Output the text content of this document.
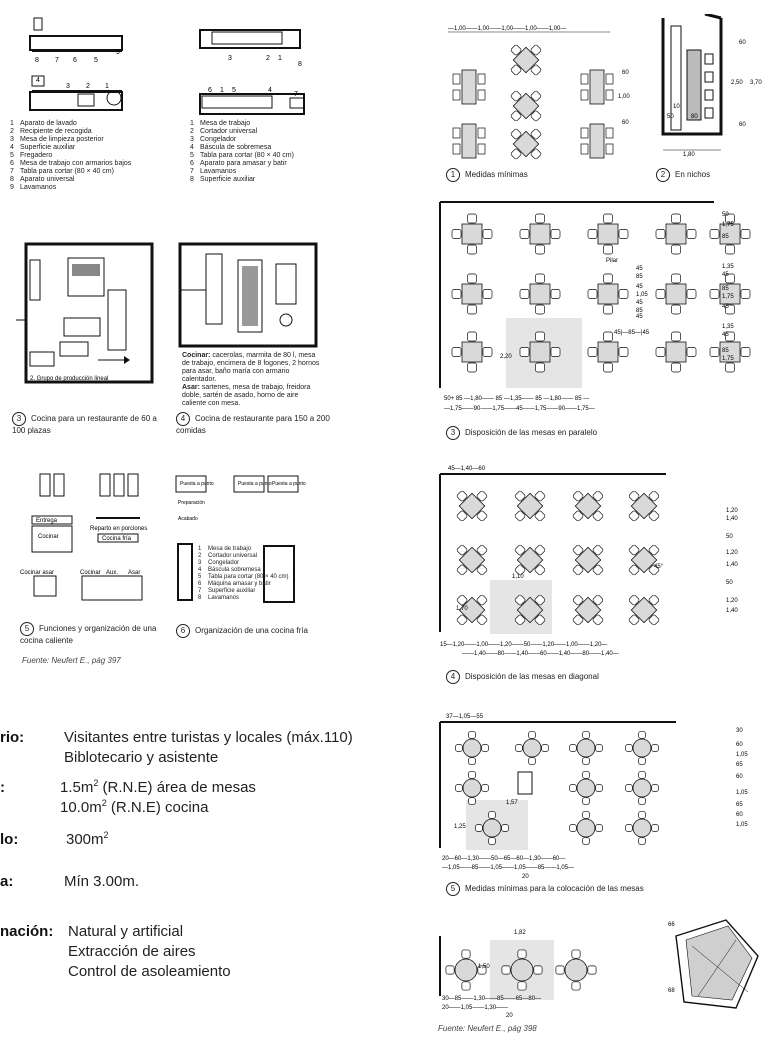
8 7 6 5
9
4
3 2 1
1 Aparato de lavado
2 Recipiente de recogida
3 Mesa de limpieza posterior
4 Superficie auxiliar
5 Fregadero
6 Mesa de trabajo con armarios bajos
7 Tabla para cortar (80 × 40 cm)
8 Aparato universal
9 Lavamanos
3	2 1
8
6 1 5	4
7
1 Mesa de trabajo
2 Cortador universal
3 Congelador
4 Báscula de sobremesa
5 Tabla para cortar (80 × 40 cm)
6 Aparato para amasar y batir
7 Lavamanos
8 Superficie auxiliar
2. Grupo de producción lineal
Cocinar: cacerolas, marmita de 80 l, mesa de trabajo, encimera de 8 fogones, 2 hornos para asar, baño maría con armario calentador.
Asar: sartenes, mesa de trabajo, freidora doble, sartén de asado, horno de aire caliente con mesa.
3 Cocina para un restaurante de 60 a 100 plazas
4 Cocina de restaurante para 150 a 200 comidas
Entrega
Cocinar
Reparto en porciones
Cocina fría
Cocinar asar	Cocinar Aux. Asar
Puesta a punto	Puesta a punto Puesta a punto
Preparación
Acabado
1 Mesa de trabajo
2 Cortador universal
3 Congelador
4 Báscula sobremesa
5 Tabla para cortar (80 × 40 cm)
6 Máquina amasar y batir
7 Superficie auxiliar
8 Lavamanos
5 Funciones y organización de una cocina caliente
6 Organización de una cocina fría
Fuente: Neufert E., pág 397
rio:	Visitantes entre turistas y locales (máx.110)
Biblotecario y asistente
:	$1.5m^2$ (R.N.E) área de mesas
$10.0m^2$ (R.N.E) cocina
lo:	$300m^2$
a:	Mín 3.00m.
nación: Natural y artificial
Extracción de aires
Control de asoleamiento
—1,00——1,00——1,00——1,00——1,00—
60
1,00
60
60
2,50 3,70
60
10
50	80
1,80
1 Medidas mínimas	2 En nichos
Pilar
2,20
45|—85—|45
50
1,75
85
1,35
45
85
1,75
45
1,35
45
85
1,75
45
85
45
1,05
45
85
45
50+ 85 —1,80—— 85 —1,35—— 85 —1,80—— 85 —
—1,75——90——1,75——45——1,75——90——1,75—
3 Disposición de las mesas en paralelo
45—1,40—60
1,70
1,10
45°
1,20
1,40
50
1,20
1,40
50
1,20
1,40
15—1,20——1,00——1,20——50——1,20——1,00——1,20—
——1,40——80——1,40——60——1,40——80——1,40—
4 Disposición de las mesas en diagonal
37—1,05—55
1,25
1,57
30
60
1,05
65
60
1,05
65
60
1,05
20—60—1,30——50—65—60—1,30——60—
—1,05——85——1,05——1,05——85——1,05—
20
5 Medidas mínimas para la colocación de las mesas
1,82
1,50
30—85——1,30——85——65—80—
20——1,05——1,30——
20
66
68
Fuente: Neufert E., pág 398
